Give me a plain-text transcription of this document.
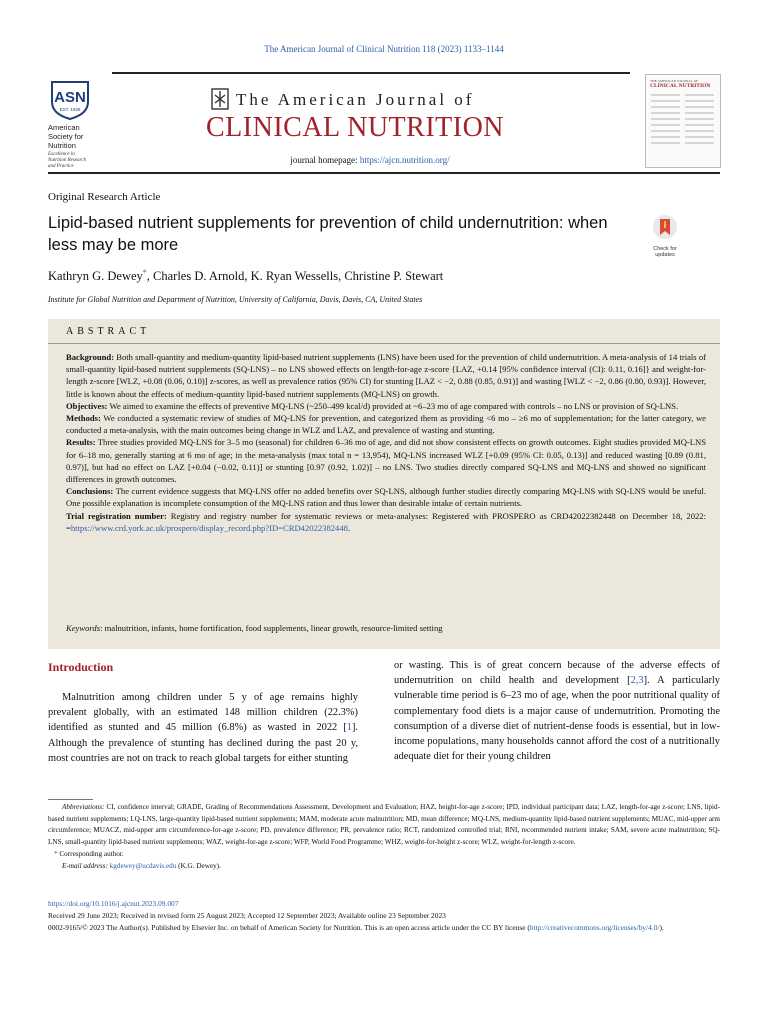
The American Journal of Clinical Nutrition 118 (2023) 1133–1144
ASN
EST. 1928
American
Society for
Nutrition
Excellence in
Nutrition Research
and Practice
The American Journal of
CLINICAL NUTRITION
journal homepage: https://ajcn.nutrition.org/
THE AMERICAN JOURNAL OF
CLINICAL NUTRITION
Original Research Article
Lipid-based nutrient supplements for prevention of child undernutrition: when less may be more	Check for
updates
Kathryn G. Dewey*, Charles D. Arnold, K. Ryan Wessells, Christine P. Stewart
Institute for Global Nutrition and Department of Nutrition, University of California, Davis, Davis, CA, United States
ABSTRACT

Background: Both small-quantity and medium-quantity lipid-based nutrient supplements (LNS) have been used for the prevention of child undernutrition. A meta-analysis of 14 trials of small-quantity lipid-based nutrient supplements (SQ-LNS) – no LNS showed effects on length-for-age z-score {LAZ, +0.14 [95% confidence interval (CI): 0.11, 0.16]} and weight-for-length z-score [WLZ, +0.08 (0.06, 0.10)] z-scores, as well as prevalence ratios (95% CI) for stunting [LAZ < −2, 0.88 (0.85, 0.91)] and wasting [WLZ < −2, 0.86 (0.80, 0.93)]. However, little is known about the effects of medium-quantity lipid-based nutrient supplements (MQ-LNS) on growth.

Objectives: We aimed to examine the effects of preventive MQ-LNS (~250–499 kcal/d) provided at ~6–23 mo of age compared with controls – no LNS or provision of SQ-LNS.

Methods: We conducted a systematic review of studies of MQ-LNS for prevention, and categorized them as providing <6 mo – ≥6 mo of supplementation; for the latter category, we conducted a meta-analysis, with the main outcomes being change in WLZ and LAZ, and prevalence of wasting and stunting.

Results: Three studies provided MQ-LNS for 3–5 mo (seasonal) for children 6–36 mo of age, and did not show consistent effects on growth outcomes. Eight studies provided MQ-LNS for 6–18 mo, generally starting at 6 mo of age; in the meta-analysis (max total n = 13,954), MQ-LNS increased WLZ [+0.09 (95% CI: 0.05, 0.13)] and reduced wasting [0.89 (0.81, 0.97)], but had no effect on LAZ [+0.04 (−0.02, 0.11)] or stunting [0.97 (0.92, 1.02)] – no LNS. Two studies directly compared SQ-LNS and MQ-LNS and showed no significant differences in growth outcomes.

Conclusions: The current evidence suggests that MQ-LNS offer no added benefits over SQ-LNS, although further studies directly comparing MQ-LNS with SQ-LNS would be useful. One possible explanation is incomplete consumption of the MQ-LNS ration and thus lower than desirable intake of certain nutrients.

Trial registration number: Registry and registry number for systematic reviews or meta-analyses: Registered with PROSPERO as CRD42022382448 on December 18, 2022: =https://www.crd.york.ac.uk/prospero/display_record.php?ID=CRD42022382448.

Keywords: malnutrition, infants, home fortification, food supplements, linear growth, resource-limited setting
Introduction

Malnutrition among children under 5 y of age remains highly prevalent globally, with an estimated 148 million children (22.3%) identified as stunted and 45 million (6.8%) as wasted in 2022 [1]. Although the prevalence of stunting has declined during the past 20 y, most countries are not on track to reach global targets for either stunting

or wasting. This is of great concern because of the adverse effects of undernutrition on child health and development [2,3]. A particularly vulnerable time period is 6–23 mo of age, when the poor nutritional quality of complementary food diets is a major cause of undernutrition. Promoting the consumption of a diverse diet of nutrient-dense foods is essential, but in low-income populations, many households cannot afford the cost of a nutritionally adequate diet for their young children

Abbreviations: CI, confidence interval; GRADE, Grading of Recommendations Assessment, Development and Evaluation; HAZ, height-for-age z-score; IPD, individual participant data; LAZ, length-for-age z-score; LNS, lipid-based nutrient supplements; LQ-LNS, large-quantity lipid-based nutrient supplements; MAM, moderate acute malnutrition; MD, mean difference; MQ-LNS, medium-quantity lipid-based nutrient supplements; MUAC, mid-upper arm circumference; MUACZ, mid-upper arm circumference-for-age z-score; PD, prevalence difference; PR, prevalence ratio; RCT, randomized controlled trial; RNI, recommended nutrient intake; SAM, severe acute malnutrition; SQ-LNS, small-quantity lipid-based nutrient supplements; WAZ, weight-for-age z-score; WFP, World Food Programme; WHZ, weight-for-height z-score; WLZ, weight-for-length z-score.

* Corresponding author.

E-mail address: kgdewey@ucdavis.edu (K.G. Dewey).

https://doi.org/10.1016/j.ajcnut.2023.09.007

Received 29 June 2023; Received in revised form 25 August 2023; Accepted 12 September 2023; Available online 23 September 2023

0002-9165/© 2023 The Author(s). Published by Elsevier Inc. on behalf of American Society for Nutrition. This is an open access article under the CC BY license (http://creativecommons.org/licenses/by/4.0/).
